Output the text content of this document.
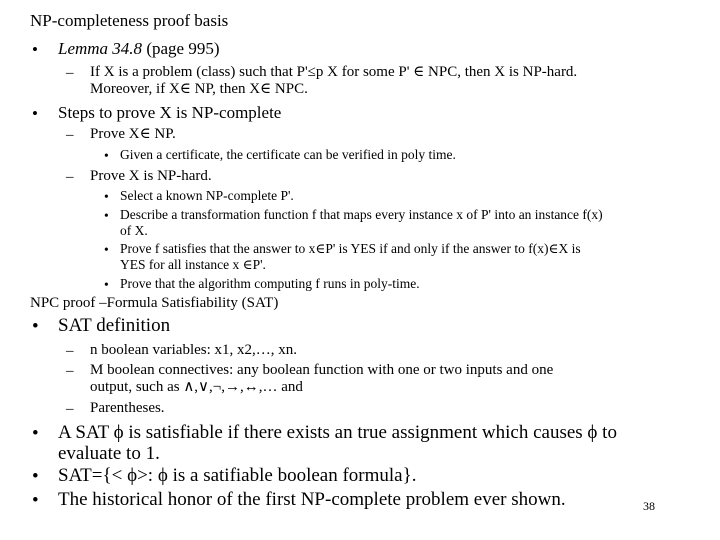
NP-completeness proof basis
• Lemma 34.8 (page 995)
– If X is a problem (class) such that P'≤p X for some P' ∈ NPC, then X is NP-hard.
Moreover, if X∈ NP, then X∈ NPC.
• Steps to prove X is NP-complete
– Prove X∈ NP.
• Given a certificate, the certificate can be verified in poly time.
– Prove X is NP-hard.
• Select a known NP-complete P'.
• Describe a transformation function f that maps every instance x of P' into an instance f(x)
of X.
• Prove f satisfies that the answer to x∈P' is YES if and only if the answer to f(x)∈X is
YES for all instance x ∈P'.
• Prove that the algorithm computing f runs in poly-time.
NPC proof –Formula Satisfiability (SAT)
• SAT definition
– n boolean variables: x1, x2,…, xn.
– M boolean connectives: any boolean function with one or two inputs and one
output, such as ∧,∨,¬,→,↔,… and
– Parentheses.
• A SAT ϕ is satisfiable if there exists an true assignment which causes ϕ to
evaluate to 1.
• SAT={< ϕ>: ϕ is a satifiable boolean formula}.
• The historical honor of the first NP-complete problem ever shown.	38
